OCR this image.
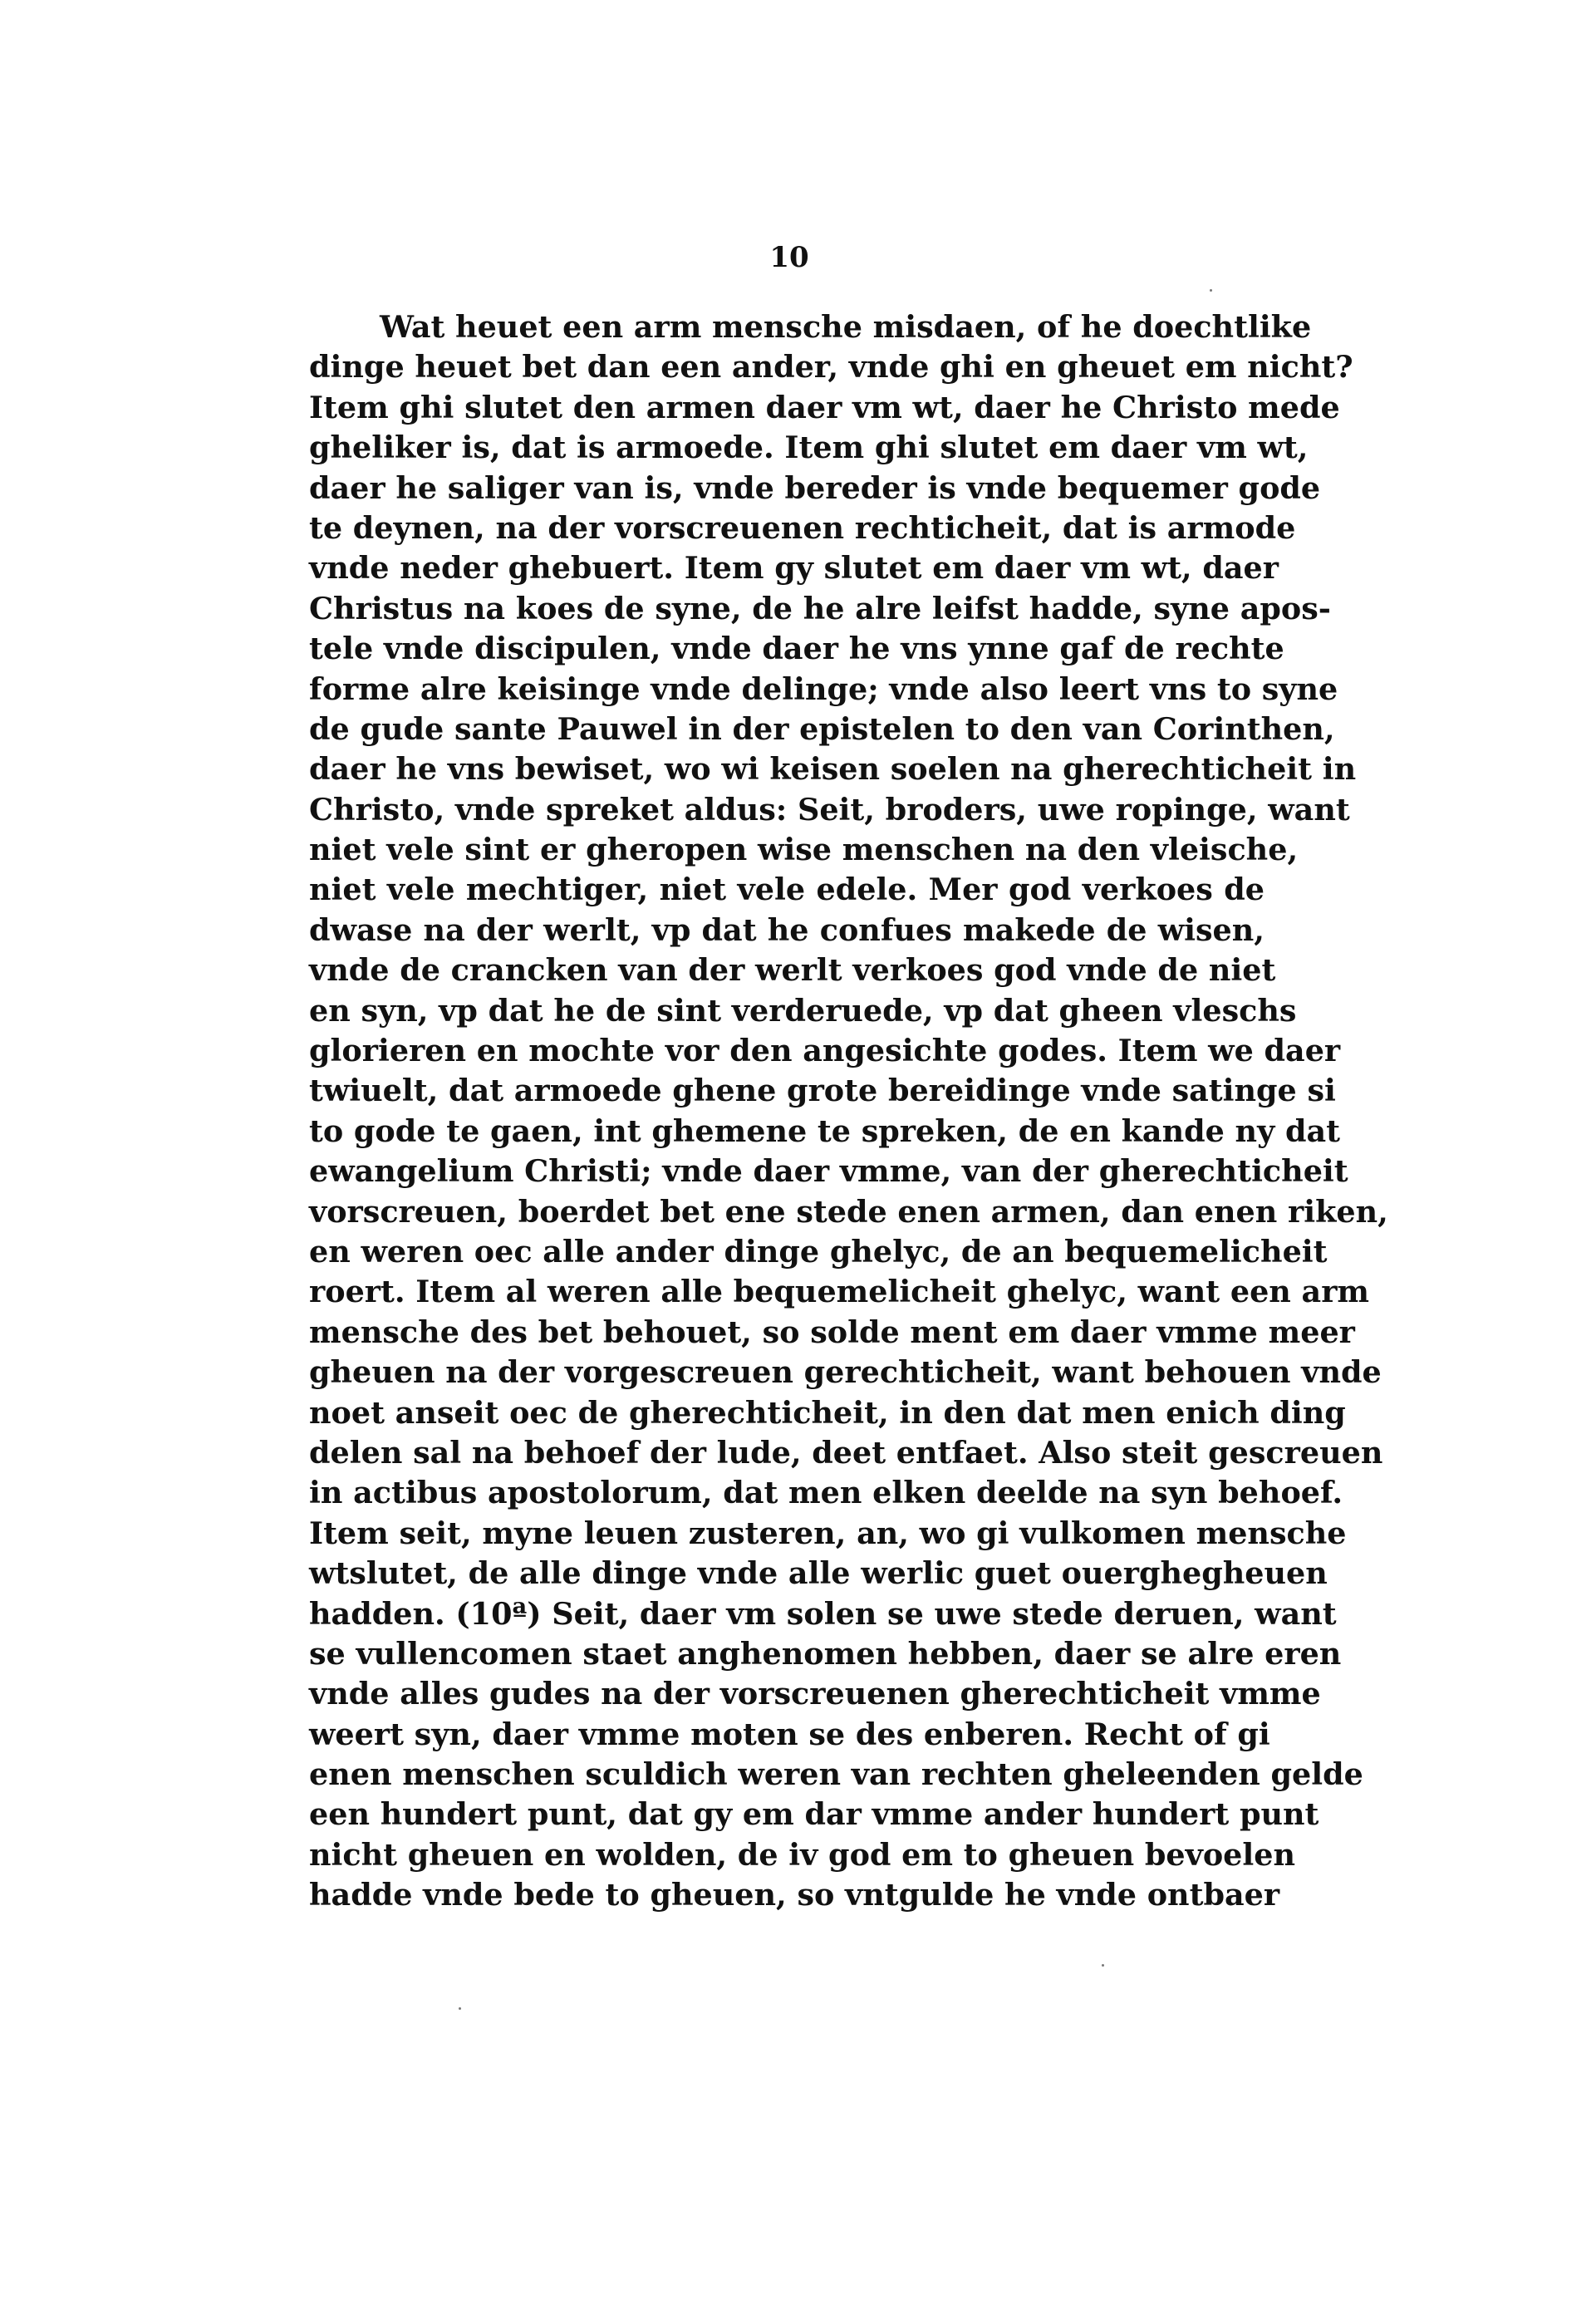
10
Wat heuet een arm mensche misdaen, of he doechtlike
dinge heuet bet dan een ander, vnde ghi en gheuet em nicht?
Item ghi slutet den armen daer vm wt, daer he Christo mede
gheliker is, dat is armoede. Item ghi slutet em daer vm wt,
daer he saliger van is, vnde bereder is vnde bequemer gode
te deynen, na der vorscreuenen rechticheit, dat is armode
vnde neder ghebuert. Item gy slutet em daer vm wt, daer
Christus na koes de syne, de he alre leifst hadde, syne apos-
tele vnde discipulen, vnde daer he vns ynne gaf de rechte
forme alre keisinge vnde delinge; vnde also leert vns to syne
de gude sante Pauwel in der epistelen to den van Corinthen,
daer he vns bewiset, wo wi keisen soelen na gherechticheit in
Christo, vnde spreket aldus: Seit, broders, uwe ropinge, want
niet vele sint er gheropen wise menschen na den vleische,
niet vele mechtiger, niet vele edele. Mer god verkoes de
dwase na der werlt, vp dat he confues makede de wisen,
vnde de crancken van der werlt verkoes god vnde de niet
en syn, vp dat he de sint verderuede, vp dat gheen vleschs
glorieren en mochte vor den angesichte godes. Item we daer
twiuelt, dat armoede ghene grote bereidinge vnde satinge si
to gode te gaen, int ghemene te spreken, de en kande ny dat
ewangelium Christi; vnde daer vmme, van der gherechticheit
vorscreuen, boerdet bet ene stede enen armen, dan enen riken,
en weren oec alle ander dinge ghelyc, de an bequemelicheit
roert. Item al weren alle bequemelicheit ghelyc, want een arm
mensche des bet behouet, so solde ment em daer vmme meer
gheuen na der vorgescreuen gerechticheit, want behouen vnde
noet anseit oec de gherechticheit, in den dat men enich ding
delen sal na behoef der lude, deet entfaet. Also steit gescreuen
in actibus apostolorum, dat men elken deelde na syn behoef.
Item seit, myne leuen zusteren, an, wo gi vulkomen mensche
wtslutet, de alle dinge vnde alle werlic guet ouerghegheuen
hadden. (10ª) Seit, daer vm solen se uwe stede deruen, want
se vullencomen staet anghenomen hebben, daer se alre eren
vnde alles gudes na der vorscreuenen gherechticheit vmme
weert syn, daer vmme moten se des enberen. Recht of gi
enen menschen sculdich weren van rechten gheleenden gelde
een hundert punt, dat gy em dar vmme ander hundert punt
nicht gheuen en wolden, de iv god em to gheuen bevoelen
hadde vnde bede to gheuen, so vntgulde he vnde ontbaer
